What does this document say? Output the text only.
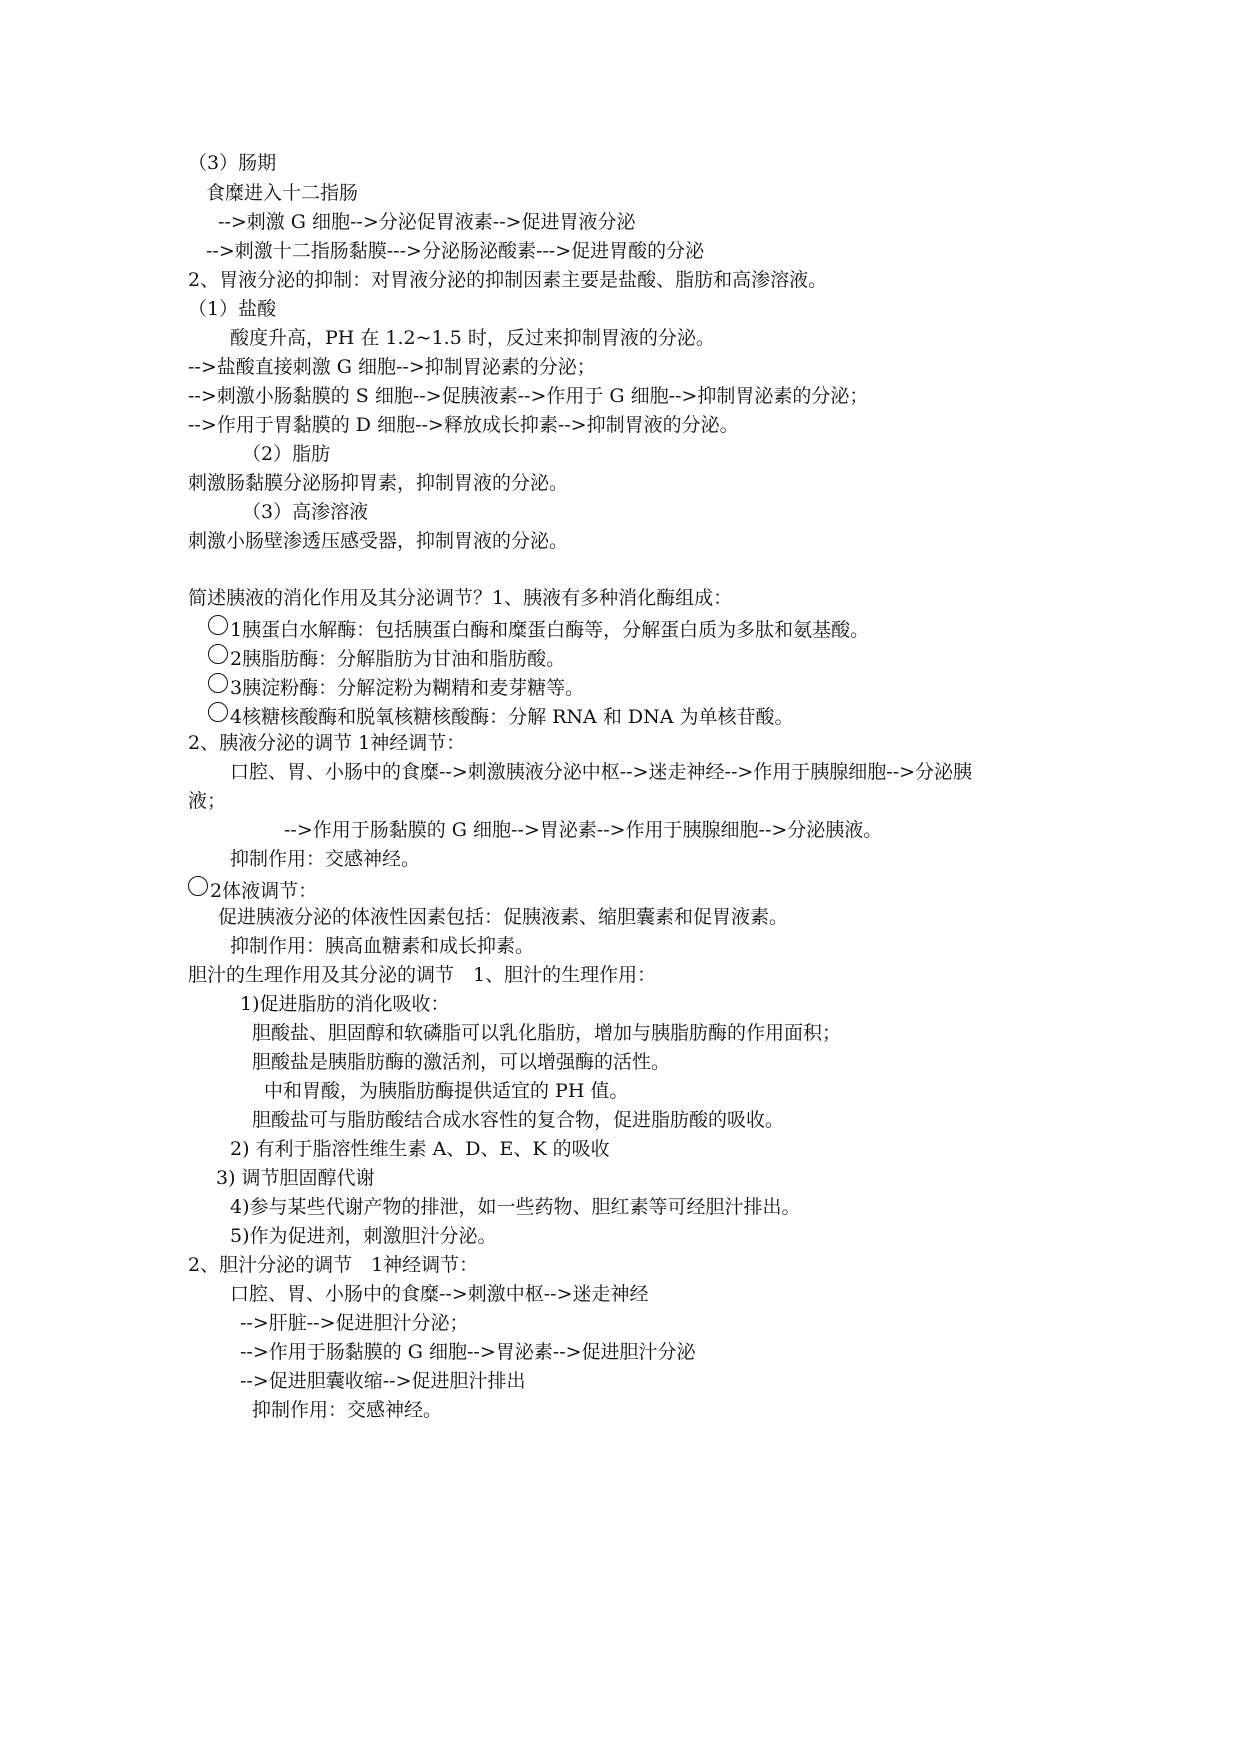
（3）肠期
食糜进入十二指肠
-->刺激 G 细胞-->分泌促胃液素-->促进胃液分泌
-->刺激十二指肠黏膜--->分泌肠泌酸素--->促进胃酸的分泌
2、胃液分泌的抑制：对胃液分泌的抑制因素主要是盐酸、脂肪和高渗溶液。
（1）盐酸
酸度升高，PH 在 1.2~1.5 时，反过来抑制胃液的分泌。
-->盐酸直接刺激 G 细胞-->抑制胃泌素的分泌；
-->刺激小肠黏膜的 S 细胞-->促胰液素-->作用于 G 细胞-->抑制胃泌素的分泌；
-->作用于胃黏膜的 D 细胞-->释放成长抑素-->抑制胃液的分泌。
（2）脂肪
刺激肠黏膜分泌肠抑胃素，抑制胃液的分泌。
（3）高渗溶液
刺激小肠壁渗透压感受器，抑制胃液的分泌。
简述胰液的消化作用及其分泌调节？1、胰液有多种消化酶组成：
1胰蛋白水解酶：包括胰蛋白酶和糜蛋白酶等，分解蛋白质为多肽和氨基酸。
2胰脂肪酶：分解脂肪为甘油和脂肪酸。
3胰淀粉酶：分解淀粉为糊精和麦芽糖等。
4核糖核酸酶和脱氧核糖核酸酶：分解 RNA 和 DNA 为单核苷酸。
2、胰液分泌的调节 1神经调节：
口腔、胃、小肠中的食糜-->刺激胰液分泌中枢-->迷走神经-->作用于胰腺细胞-->分泌胰
液；
-->作用于肠黏膜的 G 细胞-->胃泌素-->作用于胰腺细胞-->分泌胰液。
抑制作用：交感神经。
2体液调节：
促进胰液分泌的体液性因素包括：促胰液素、缩胆囊素和促胃液素。
抑制作用：胰高血糖素和成长抑素。
胆汁的生理作用及其分泌的调节　1、胆汁的生理作用：
1)促进脂肪的消化吸收：
胆酸盐、胆固醇和软磷脂可以乳化脂肪，增加与胰脂肪酶的作用面积；
胆酸盐是胰脂肪酶的激活剂，可以增强酶的活性。
中和胃酸，为胰脂肪酶提供适宜的 PH 值。
胆酸盐可与脂肪酸结合成水容性的复合物，促进脂肪酸的吸收。
2) 有利于脂溶性维生素 A、D、E、K 的吸收
3) 调节胆固醇代谢
4)参与某些代谢产物的排泄，如一些药物、胆红素等可经胆汁排出。
5)作为促进剂，刺激胆汁分泌。
2、胆汁分泌的调节　1神经调节：
口腔、胃、小肠中的食糜-->刺激中枢-->迷走神经
-->肝脏-->促进胆汁分泌；
-->作用于肠黏膜的 G 细胞-->胃泌素-->促进胆汁分泌
-->促进胆囊收缩-->促进胆汁排出
抑制作用：交感神经。
